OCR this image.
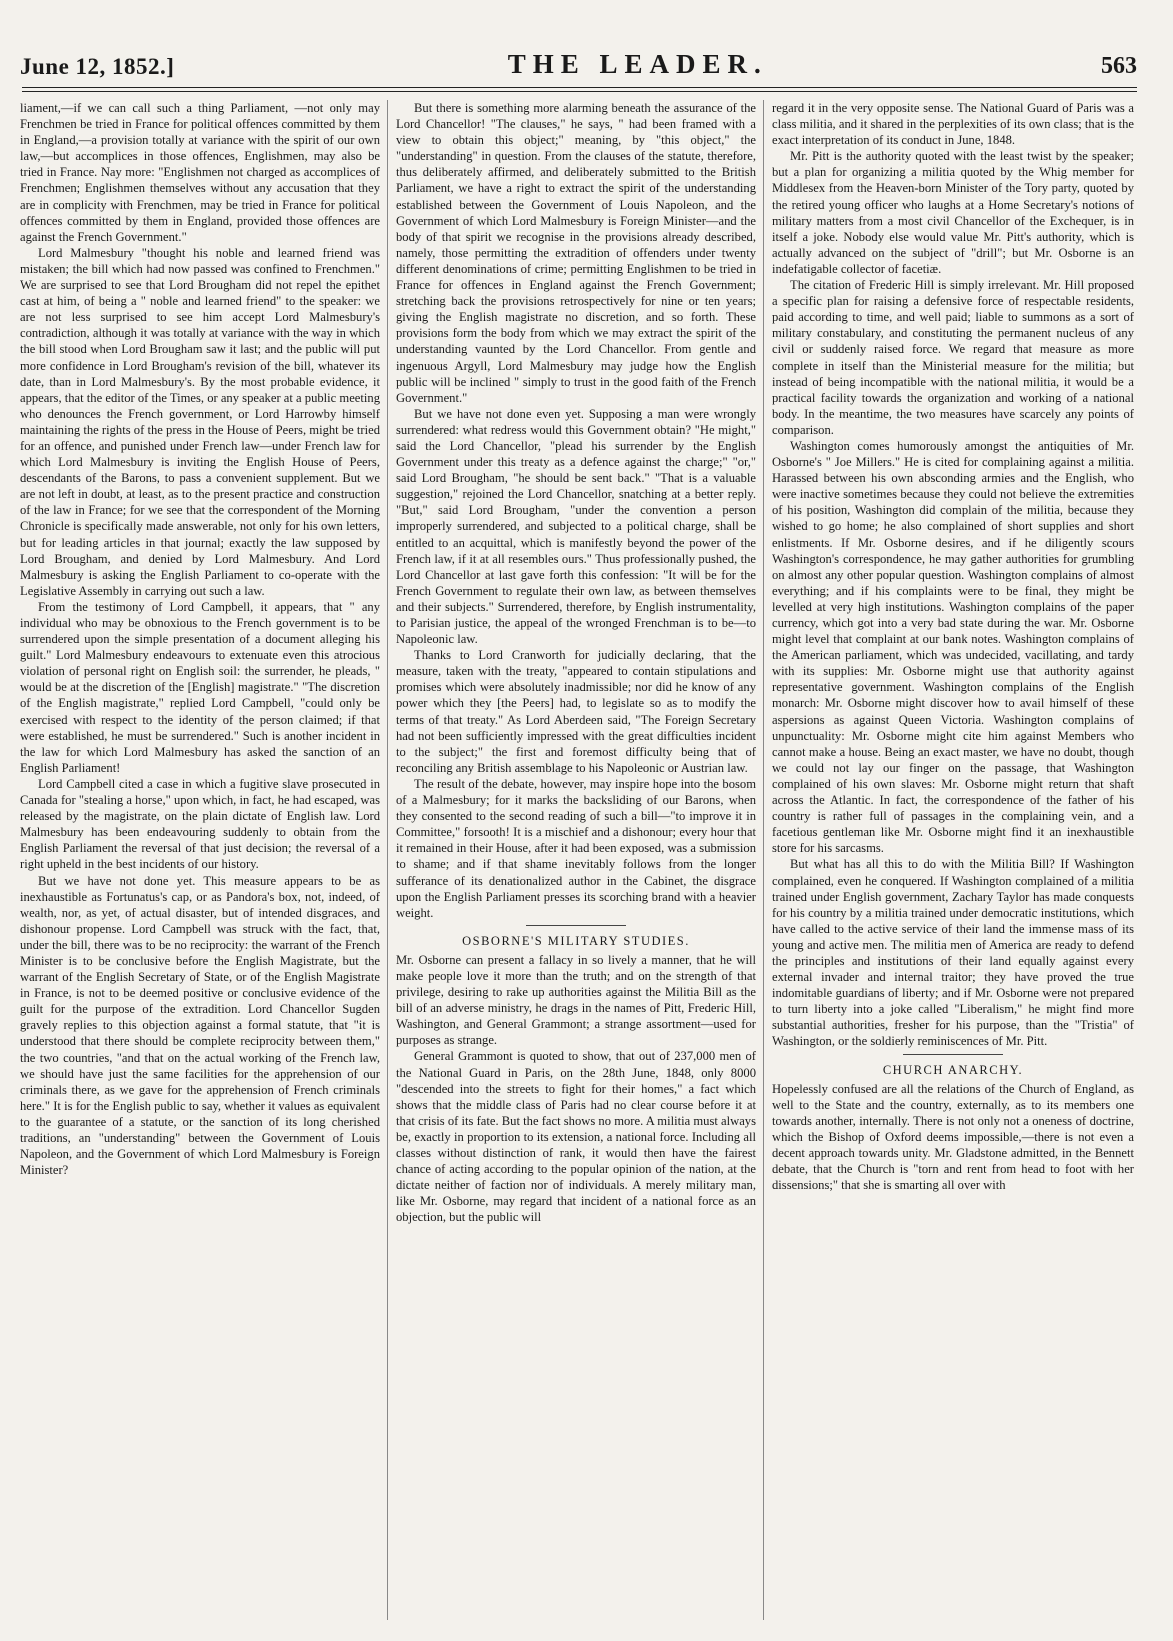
June 12, 1852.]	THE LEADER.	563

liament,—if we can call such a thing Parliament, —not only may Frenchmen be tried in France for political offences committed by them in England,—a provision totally at variance with the spirit of our own law,—but accomplices in those offences, Englishmen, may also be tried in France. Nay more: "Englishmen not charged as accomplices of Frenchmen; Englishmen themselves without any accusation that they are in complicity with Frenchmen, may be tried in France for political offences committed by them in England, provided those offences are against the French Government."

Lord Malmesbury "thought his noble and learned friend was mistaken; the bill which had now passed was confined to Frenchmen." We are surprised to see that Lord Brougham did not repel the epithet cast at him, of being a " noble and learned friend" to the speaker: we are not less surprised to see him accept Lord Malmesbury's contradiction, although it was totally at variance with the way in which the bill stood when Lord Brougham saw it last; and the public will put more confidence in Lord Brougham's revision of the bill, whatever its date, than in Lord Malmesbury's. By the most probable evidence, it appears, that the editor of the Times, or any speaker at a public meeting who denounces the French government, or Lord Harrowby himself maintaining the rights of the press in the House of Peers, might be tried for an offence, and punished under French law—under French law for which Lord Malmesbury is inviting the English House of Peers, descendants of the Barons, to pass a convenient supplement. But we are not left in doubt, at least, as to the present practice and construction of the law in France; for we see that the correspondent of the Morning Chronicle is specifically made answerable, not only for his own letters, but for leading articles in that journal; exactly the law supposed by Lord Brougham, and denied by Lord Malmesbury. And Lord Malmesbury is asking the English Parliament to co-operate with the Legislative Assembly in carrying out such a law.

From the testimony of Lord Campbell, it appears, that " any individual who may be obnoxious to the French government is to be surrendered upon the simple presentation of a document alleging his guilt." Lord Malmesbury endeavours to extenuate even this atrocious violation of personal right on English soil: the surrender, he pleads, " would be at the discretion of the [English] magistrate." "The discretion of the English magistrate," replied Lord Campbell, "could only be exercised with respect to the identity of the person claimed; if that were established, he must be surrendered." Such is another incident in the law for which Lord Malmesbury has asked the sanction of an English Parliament!

Lord Campbell cited a case in which a fugitive slave prosecuted in Canada for "stealing a horse," upon which, in fact, he had escaped, was released by the magistrate, on the plain dictate of English law. Lord Malmesbury has been endeavouring suddenly to obtain from the English Parliament the reversal of that just decision; the reversal of a right upheld in the best incidents of our history.

But we have not done yet. This measure appears to be as inexhaustible as Fortunatus's cap, or as Pandora's box, not, indeed, of wealth, nor, as yet, of actual disaster, but of intended disgraces, and dishonour propense. Lord Campbell was struck with the fact, that, under the bill, there was to be no reciprocity: the warrant of the French Minister is to be conclusive before the English Magistrate, but the warrant of the English Secretary of State, or of the English Magistrate in France, is not to be deemed positive or conclusive evidence of the guilt for the purpose of the extradition. Lord Chancellor Sugden gravely replies to this objection against a formal statute, that "it is understood that there should be complete reciprocity between them," the two countries, "and that on the actual working of the French law, we should have just the same facilities for the apprehension of our criminals there, as we gave for the apprehension of French criminals here." It is for the English public to say, whether it values as equivalent to the guarantee of a statute, or the sanction of its long cherished traditions, an "understanding" between the Government of Louis Napoleon, and the Government of which Lord Malmesbury is Foreign Minister?

But there is something more alarming beneath the assurance of the Lord Chancellor! "The clauses," he says, " had been framed with a view to obtain this object;" meaning, by "this object," the "understanding" in question. From the clauses of the statute, therefore, thus deliberately affirmed, and deliberately submitted to the British Parliament, we have a right to extract the spirit of the understanding established between the Government of Louis Napoleon, and the Government of which Lord Malmesbury is Foreign Minister—and the body of that spirit we recognise in the provisions already described, namely, those permitting the extradition of offenders under twenty different denominations of crime; permitting Englishmen to be tried in France for offences in England against the French Government; stretching back the provisions retrospectively for nine or ten years; giving the English magistrate no discretion, and so forth. These provisions form the body from which we may extract the spirit of the understanding vaunted by the Lord Chancellor. From gentle and ingenuous Argyll, Lord Malmesbury may judge how the English public will be inclined " simply to trust in the good faith of the French Government."

But we have not done even yet. Supposing a man were wrongly surrendered: what redress would this Government obtain? "He might," said the Lord Chancellor, "plead his surrender by the English Government under this treaty as a defence against the charge;" "or," said Lord Brougham, "he should be sent back." "That is a valuable suggestion," rejoined the Lord Chancellor, snatching at a better reply. "But," said Lord Brougham, "under the convention a person improperly surrendered, and subjected to a political charge, shall be entitled to an acquittal, which is manifestly beyond the power of the French law, if it at all resembles ours." Thus professionally pushed, the Lord Chancellor at last gave forth this confession: "It will be for the French Government to regulate their own law, as between themselves and their subjects." Surrendered, therefore, by English instrumentality, to Parisian justice, the appeal of the wronged Frenchman is to be—to Napoleonic law.

Thanks to Lord Cranworth for judicially declaring, that the measure, taken with the treaty, "appeared to contain stipulations and promises which were absolutely inadmissible; nor did he know of any power which they [the Peers] had, to legislate so as to modify the terms of that treaty." As Lord Aberdeen said, "The Foreign Secretary had not been sufficiently impressed with the great difficulties incident to the subject;" the first and foremost difficulty being that of reconciling any British assemblage to his Napoleonic or Austrian law.

The result of the debate, however, may inspire hope into the bosom of a Malmesbury; for it marks the backsliding of our Barons, when they consented to the second reading of such a bill—"to improve it in Committee," forsooth! It is a mischief and a dishonour; every hour that it remained in their House, after it had been exposed, was a submission to shame; and if that shame inevitably follows from the longer sufferance of its denationalized author in the Cabinet, the disgrace upon the English Parliament presses its scorching brand with a heavier weight.

OSBORNE'S MILITARY STUDIES.

Mr. Osborne can present a fallacy in so lively a manner, that he will make people love it more than the truth; and on the strength of that privilege, desiring to rake up authorities against the Militia Bill as the bill of an adverse ministry, he drags in the names of Pitt, Frederic Hill, Washington, and General Grammont; a strange assortment—used for purposes as strange.

General Grammont is quoted to show, that out of 237,000 men of the National Guard in Paris, on the 28th June, 1848, only 8000 "descended into the streets to fight for their homes," a fact which shows that the middle class of Paris had no clear course before it at that crisis of its fate. But the fact shows no more. A militia must always be, exactly in proportion to its extension, a national force. Including all classes without distinction of rank, it would then have the fairest chance of acting according to the popular opinion of the nation, at the dictate neither of faction nor of individuals. A merely military man, like Mr. Osborne, may regard that incident of a national force as an objection, but the public will

regard it in the very opposite sense. The National Guard of Paris was a class militia, and it shared in the perplexities of its own class; that is the exact interpretation of its conduct in June, 1848.

Mr. Pitt is the authority quoted with the least twist by the speaker; but a plan for organizing a militia quoted by the Whig member for Middlesex from the Heaven-born Minister of the Tory party, quoted by the retired young officer who laughs at a Home Secretary's notions of military matters from a most civil Chancellor of the Exchequer, is in itself a joke. Nobody else would value Mr. Pitt's authority, which is actually advanced on the subject of "drill"; but Mr. Osborne is an indefatigable collector of facetiæ.

The citation of Frederic Hill is simply irrelevant. Mr. Hill proposed a specific plan for raising a defensive force of respectable residents, paid according to time, and well paid; liable to summons as a sort of military constabulary, and constituting the permanent nucleus of any civil or suddenly raised force. We regard that measure as more complete in itself than the Ministerial measure for the militia; but instead of being incompatible with the national militia, it would be a practical facility towards the organization and working of a national body. In the meantime, the two measures have scarcely any points of comparison.

Washington comes humorously amongst the antiquities of Mr. Osborne's " Joe Millers." He is cited for complaining against a militia. Harassed between his own absconding armies and the English, who were inactive sometimes because they could not believe the extremities of his position, Washington did complain of the militia, because they wished to go home; he also complained of short supplies and short enlistments. If Mr. Osborne desires, and if he diligently scours Washington's correspondence, he may gather authorities for grumbling on almost any other popular question. Washington complains of almost everything; and if his complaints were to be final, they might be levelled at very high institutions. Washington complains of the paper currency, which got into a very bad state during the war. Mr. Osborne might level that complaint at our bank notes. Washington complains of the American parliament, which was undecided, vacillating, and tardy with its supplies: Mr. Osborne might use that authority against representative government. Washington complains of the English monarch: Mr. Osborne might discover how to avail himself of these aspersions as against Queen Victoria. Washington complains of unpunctuality: Mr. Osborne might cite him against Members who cannot make a house. Being an exact master, we have no doubt, though we could not lay our finger on the passage, that Washington complained of his own slaves: Mr. Osborne might return that shaft across the Atlantic. In fact, the correspondence of the father of his country is rather full of passages in the complaining vein, and a facetious gentleman like Mr. Osborne might find it an inexhaustible store for his sarcasms.

But what has all this to do with the Militia Bill? If Washington complained, even he conquered. If Washington complained of a militia trained under English government, Zachary Taylor has made conquests for his country by a militia trained under democratic institutions, which have called to the active service of their land the immense mass of its young and active men. The militia men of America are ready to defend the principles and institutions of their land equally against every external invader and internal traitor; they have proved the true indomitable guardians of liberty; and if Mr. Osborne were not prepared to turn liberty into a joke called "Liberalism," he might find more substantial authorities, fresher for his purpose, than the "Tristia" of Washington, or the soldierly reminiscences of Mr. Pitt.

CHURCH ANARCHY.

Hopelessly confused are all the relations of the Church of England, as well to the State and the country, externally, as to its members one towards another, internally. There is not only not a oneness of doctrine, which the Bishop of Oxford deems impossible,—there is not even a decent approach towards unity. Mr. Gladstone admitted, in the Bennett debate, that the Church is "torn and rent from head to foot with her dissensions;" that she is smarting all over with
